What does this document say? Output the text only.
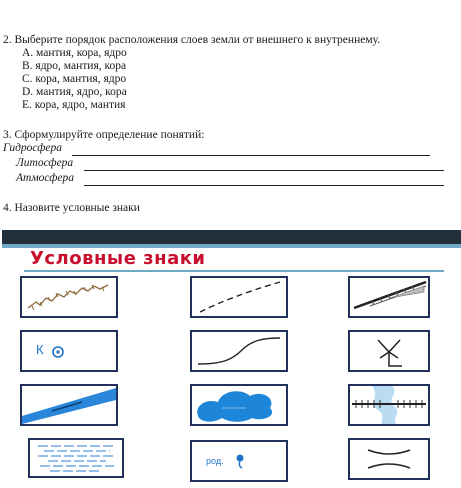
2. Выберите порядок расположения слоев земли от внешнего к внутреннему.
A. мантия, кора, ядро
B. ядро, мантия, кора
C. кора, мантия, ядро
D. мантия, ядро, кора
E. кора, ядро, мантия
3. Сформулируйте определение понятий:
Гидросфера
Литосфера
Атмосфера
4. Назовите условные знаки
Условные знаки
К
род.
